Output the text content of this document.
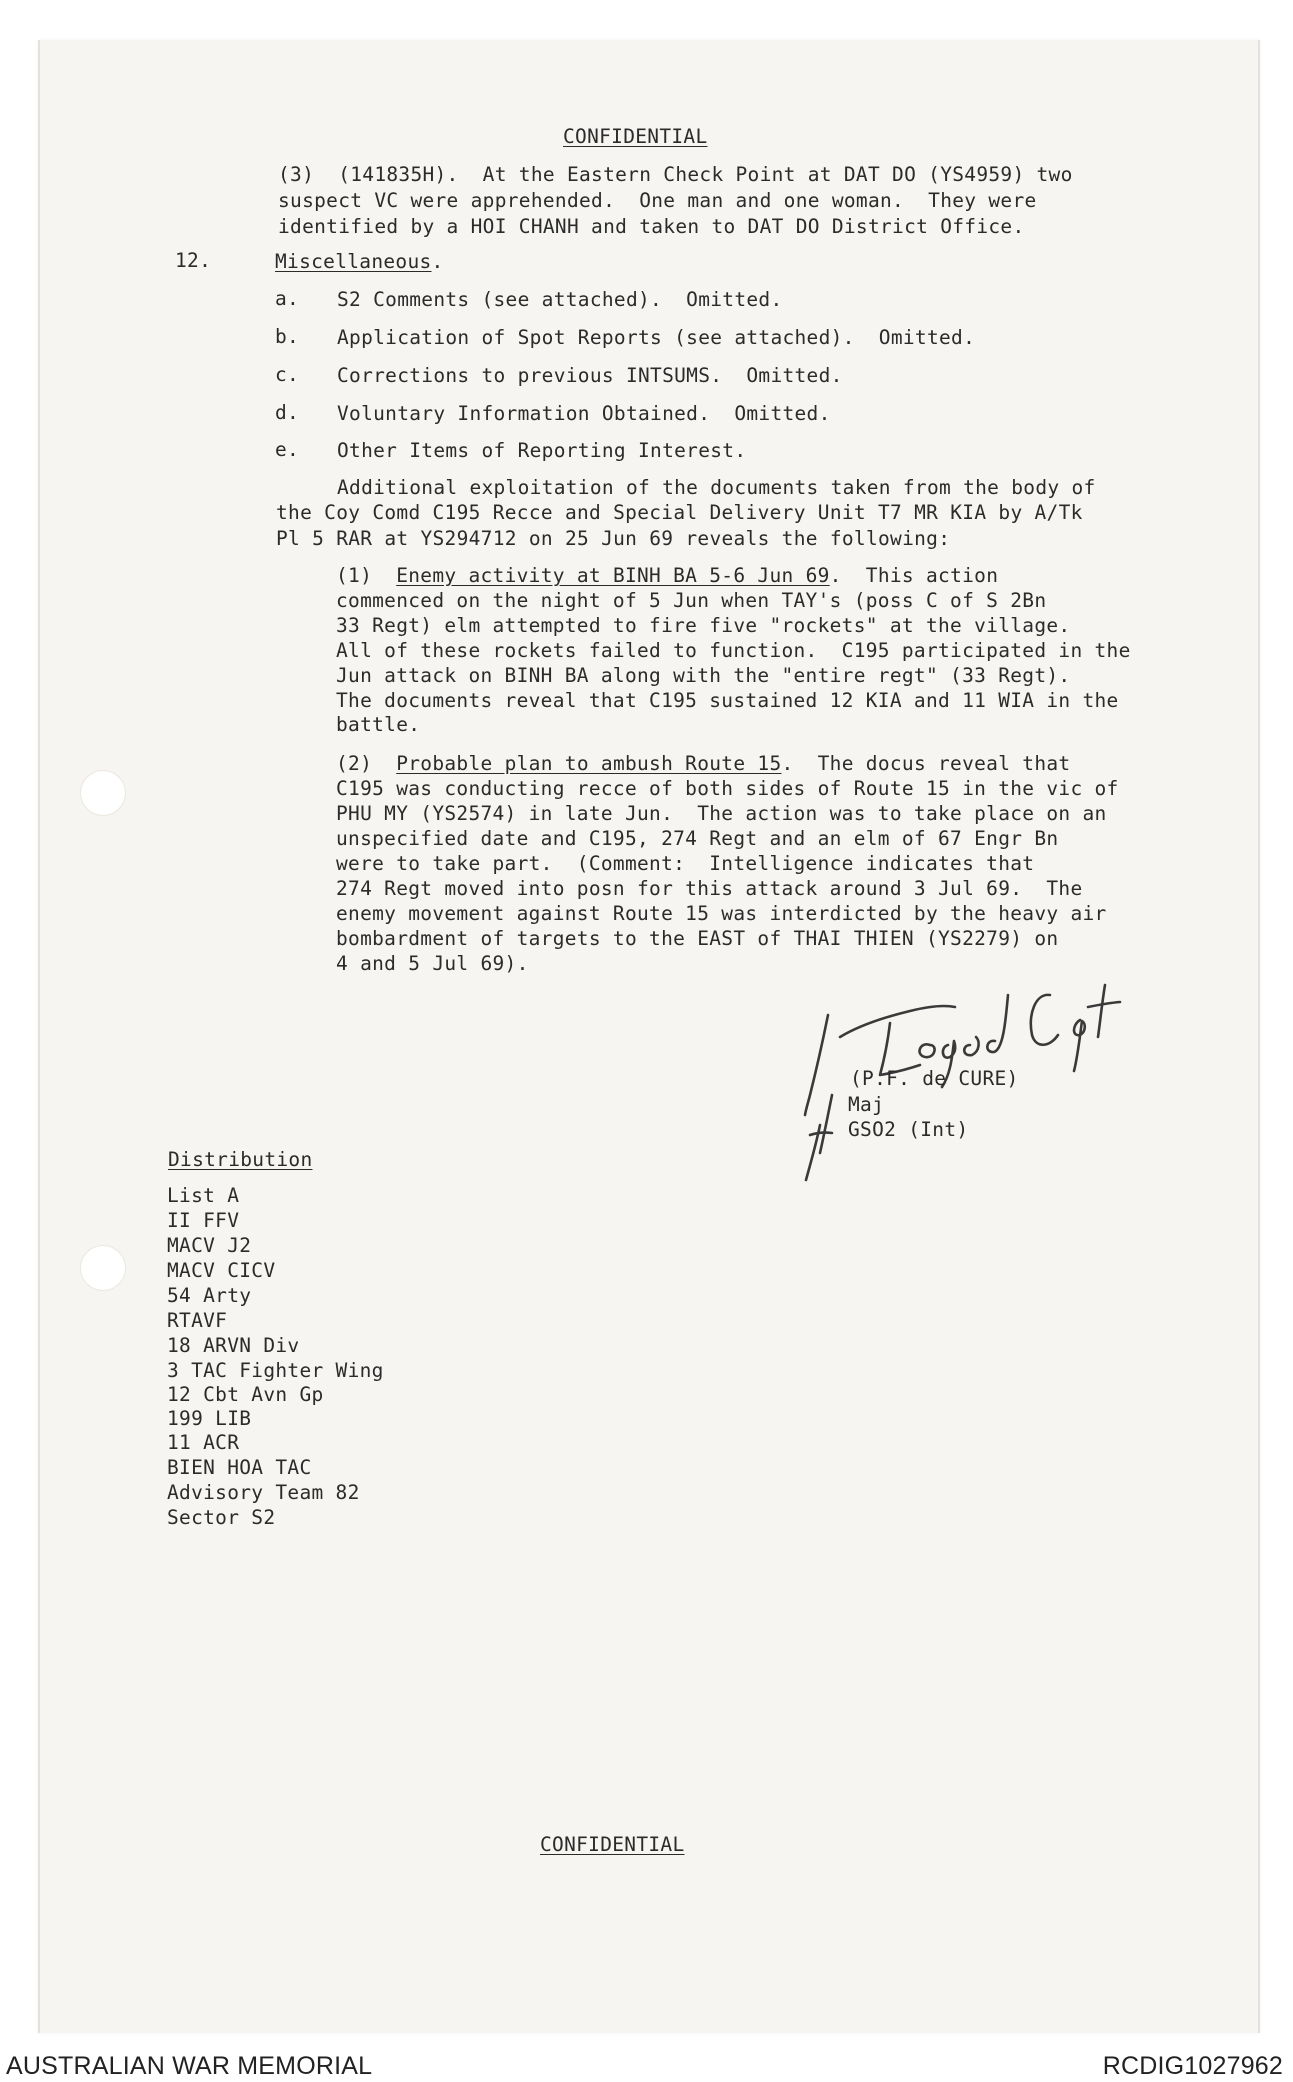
CONFIDENTIAL
(3)  (141835H).  At the Eastern Check Point at DAT DO (YS4959) two
suspect VC were apprehended.  One man and one woman.  They were
identified by a HOI CHANH and taken to DAT DO District Office.
12.	Miscellaneous.
a. S2 Comments (see attached).  Omitted.
b. Application of Spot Reports (see attached).  Omitted.
c. Corrections to previous INTSUMS.  Omitted.
d. Voluntary Information Obtained.  Omitted.
e. Other Items of Reporting Interest.
Additional exploitation of the documents taken from the body of
the Coy Comd C195 Recce and Special Delivery Unit T7 MR KIA by A/Tk
Pl 5 RAR at YS294712 on 25 Jun 69 reveals the following:
(1) Enemy activity at BINH BA 5-6 Jun 69.  This action
commenced on the night of 5 Jun when TAY's (poss C of S 2Bn
33 Regt) elm attempted to fire five "rockets" at the village.
All of these rockets failed to function.  C195 participated in the
Jun attack on BINH BA along with the "entire regt" (33 Regt).
The documents reveal that C195 sustained 12 KIA and 11 WIA in the
battle.
(2) Probable plan to ambush Route 15.  The docus reveal that
C195 was conducting recce of both sides of Route 15 in the vic of
PHU MY (YS2574) in late Jun.  The action was to take place on an
unspecified date and C195, 274 Regt and an elm of 67 Engr Bn
were to take part.  (Comment:  Intelligence indicates that
274 Regt moved into posn for this attack around 3 Jul 69.  The
enemy movement against Route 15 was interdicted by the heavy air
bombardment of targets to the EAST of THAI THIEN (YS2279) on
4 and 5 Jul 69).
(P.F. de CURE)
Maj
GSO2 (Int)
Distribution
List A
II FFV
MACV J2
MACV CICV
54 Arty
RTAVF
18 ARVN Div
3 TAC Fighter Wing
12 Cbt Avn Gp
199 LIB
11 ACR
BIEN HOA TAC
Advisory Team 82
Sector S2
CONFIDENTIAL
AUSTRALIAN WAR MEMORIAL	RCDIG1027962
